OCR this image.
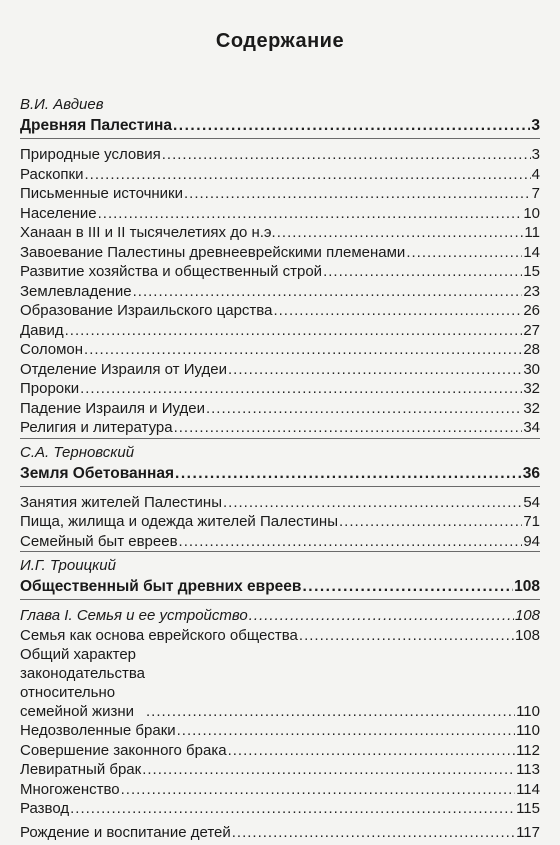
Содержание
В.И. Авдиев
Древняя Палестина .....	3
Природные условия .....	3
Раскопки .....	4
Письменные источники .....	7
Население .....	10
Ханаан в III и II тысячелетиях до н.э. .....	11
Завоевание Палестины древнееврейскими племенами .....	14
Развитие хозяйства и общественный строй .....	15
Землевладение .....	23
Образование Израильского царства .....	26
Давид .....	27
Соломон .....	28
Отделение Израиля от Иудеи .....	30
Пророки .....	32
Падение Израиля и Иудеи .....	32
Религия и литература .....	34
С.А. Терновский
Земля Обетованная .....	36
Занятия жителей Палестины .....	54
Пища, жилища и одежда жителей Палестины .....	71
Семейный быт евреев .....	94
И.Г. Троицкий
Общественный быт древних евреев .....	108
Глава I. Семья и ее устройство .....	108
Семья как основа еврейского общества .....	108
Общий характер законодательства относительно семейной жизни .....	110
Недозволенные браки .....	110
Совершение законного брака .....	112
Левиратный брак .....	113
Многоженство .....	114
Развод .....	115
Рождение и воспитание детей .....	117
